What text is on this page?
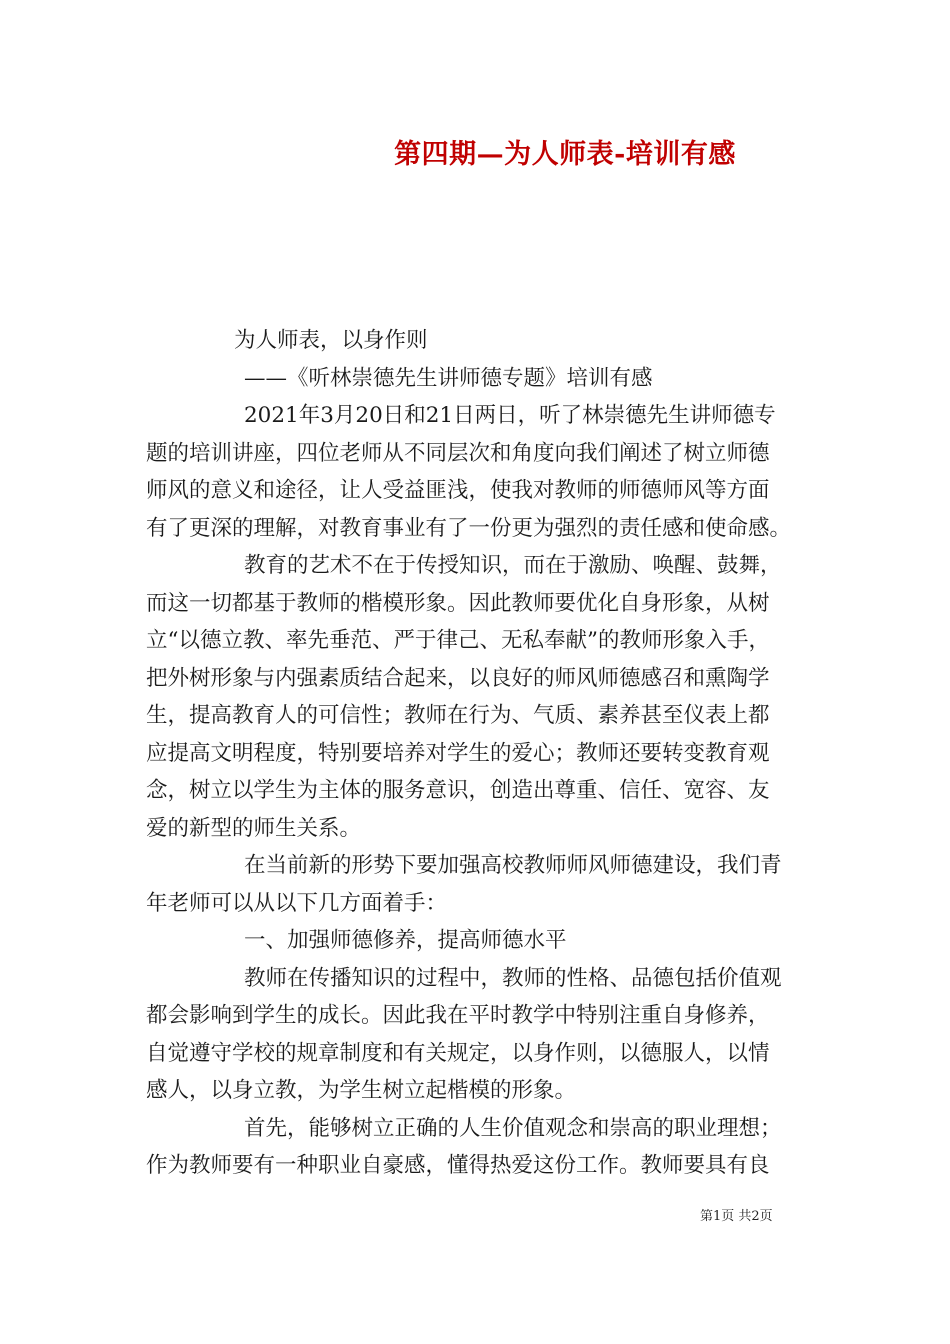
第四期—为人师表-培训有感
为人师表，以身作则
——《听林崇德先生讲师德专题》培训有感
2021年3月20日和21日两日，听了林崇德先生讲师德专
题的培训讲座，四位老师从不同层次和角度向我们阐述了树立师德
师风的意义和途径，让人受益匪浅，使我对教师的师德师风等方面
有了更深的理解，对教育事业有了一份更为强烈的责任感和使命感。
教育的艺术不在于传授知识，而在于激励、唤醒、鼓舞，
而这一切都基于教师的楷模形象。因此教师要优化自身形象，从树
立“以德立教、率先垂范、严于律己、无私奉献”的教师形象入手，
把外树形象与内强素质结合起来，以良好的师风师德感召和熏陶学
生，提高教育人的可信性；教师在行为、气质、素养甚至仪表上都
应提高文明程度，特别要培养对学生的爱心；教师还要转变教育观
念，树立以学生为主体的服务意识，创造出尊重、信任、宽容、友
爱的新型的师生关系。
在当前新的形势下要加强高校教师师风师德建设，我们青
年老师可以从以下几方面着手：
一、加强师德修养，提高师德水平
教师在传播知识的过程中，教师的性格、品德包括价值观
都会影响到学生的成长。因此我在平时教学中特别注重自身修养，
自觉遵守学校的规章制度和有关规定，以身作则，以德服人，以情
感人，以身立教，为学生树立起楷模的形象。
首先，能够树立正确的人生价值观念和崇高的职业理想；
作为教师要有一种职业自豪感，懂得热爱这份工作。教师要具有良
第1页 共2页
